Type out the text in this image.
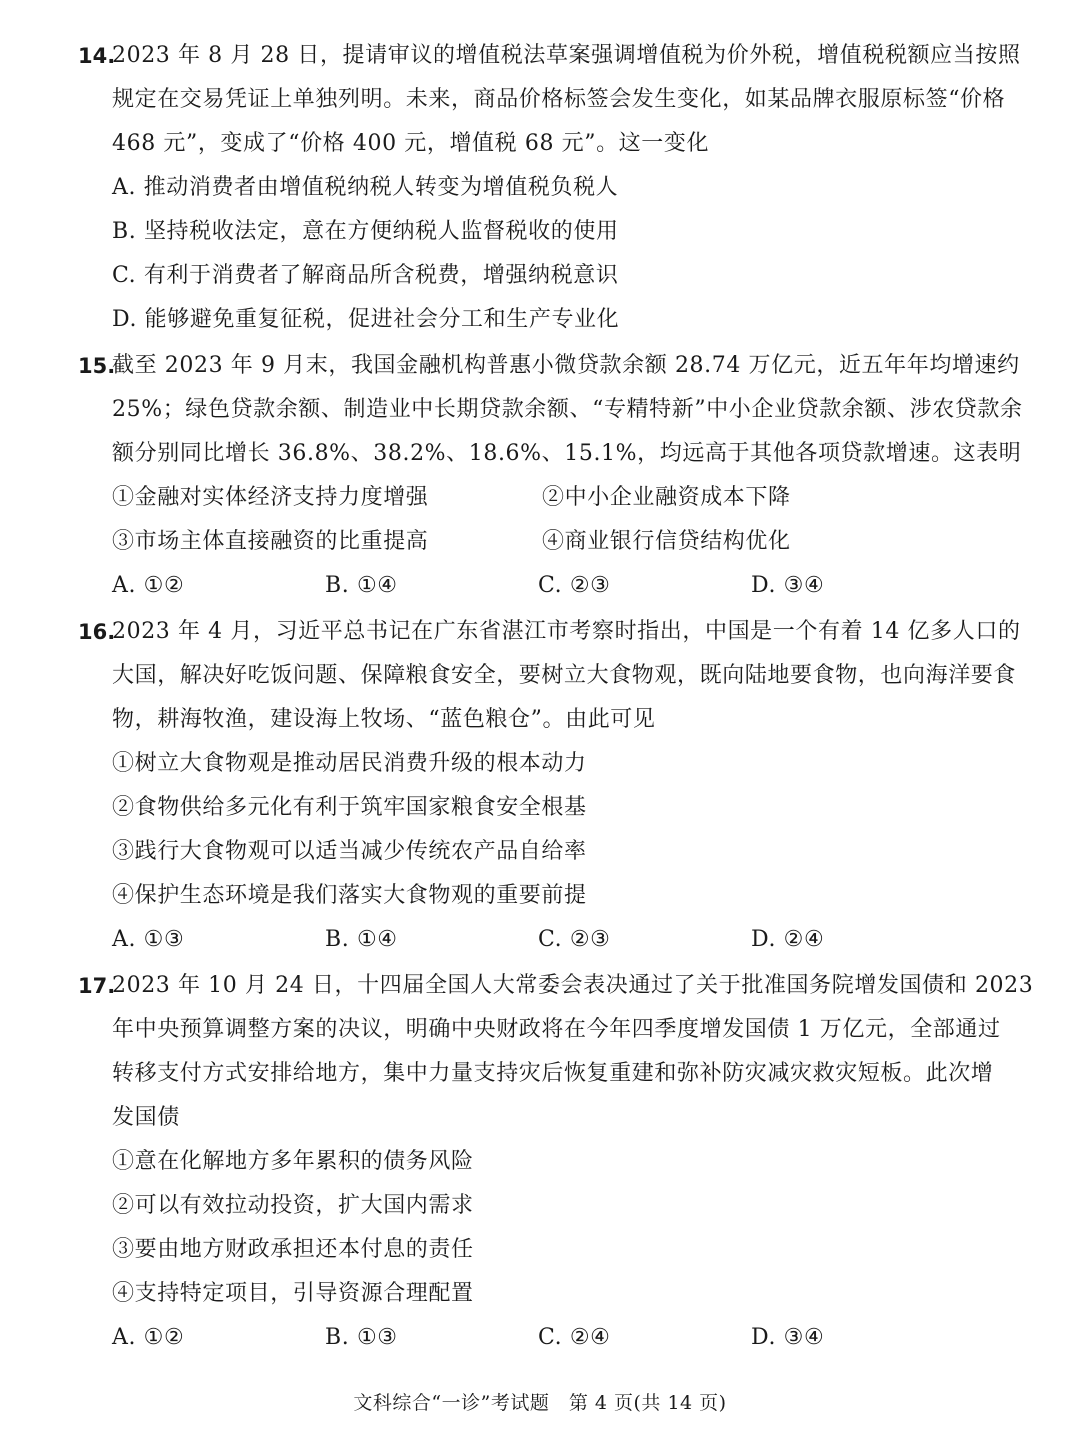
14.
2023 年 8 月 28 日，提请审议的增值税法草案强调增值税为价外税，增值税税额应当按照
规定在交易凭证上单独列明。未来，商品价格标签会发生变化，如某品牌衣服原标签“价格
468 元”，变成了“价格 400 元，增值税 68 元”。这一变化
A. 推动消费者由增值税纳税人转变为增值税负税人
B. 坚持税收法定，意在方便纳税人监督税收的使用
C. 有利于消费者了解商品所含税费，增强纳税意识
D. 能够避免重复征税，促进社会分工和生产专业化
15.
截至 2023 年 9 月末，我国金融机构普惠小微贷款余额 28.74 万亿元，近五年年均增速约
25%；绿色贷款余额、制造业中长期贷款余额、“专精特新”中小企业贷款余额、涉农贷款余
额分别同比增长 36.8%、38.2%、18.6%、15.1%，均远高于其他各项贷款增速。这表明
①金融对实体经济支持力度增强	②中小企业融资成本下降
③市场主体直接融资的比重提高	④商业银行信贷结构优化
A. ①②	B. ①④	C. ②③	D. ③④
16.
2023 年 4 月，习近平总书记在广东省湛江市考察时指出，中国是一个有着 14 亿多人口的
大国，解决好吃饭问题、保障粮食安全，要树立大食物观，既向陆地要食物，也向海洋要食
物，耕海牧渔，建设海上牧场、“蓝色粮仓”。由此可见
①树立大食物观是推动居民消费升级的根本动力
②食物供给多元化有利于筑牢国家粮食安全根基
③践行大食物观可以适当减少传统农产品自给率
④保护生态环境是我们落实大食物观的重要前提
A. ①③	B. ①④	C. ②③	D. ②④
17.
2023 年 10 月 24 日，十四届全国人大常委会表决通过了关于批准国务院增发国债和 2023
年中央预算调整方案的决议，明确中央财政将在今年四季度增发国债 1 万亿元，全部通过
转移支付方式安排给地方，集中力量支持灾后恢复重建和弥补防灾减灾救灾短板。此次增
发国债
①意在化解地方多年累积的债务风险
②可以有效拉动投资，扩大国内需求
③要由地方财政承担还本付息的责任
④支持特定项目，引导资源合理配置
A. ①②	B. ①③	C. ②④	D. ③④
文科综合“一诊”考试题　第 4 页(共 14 页)
